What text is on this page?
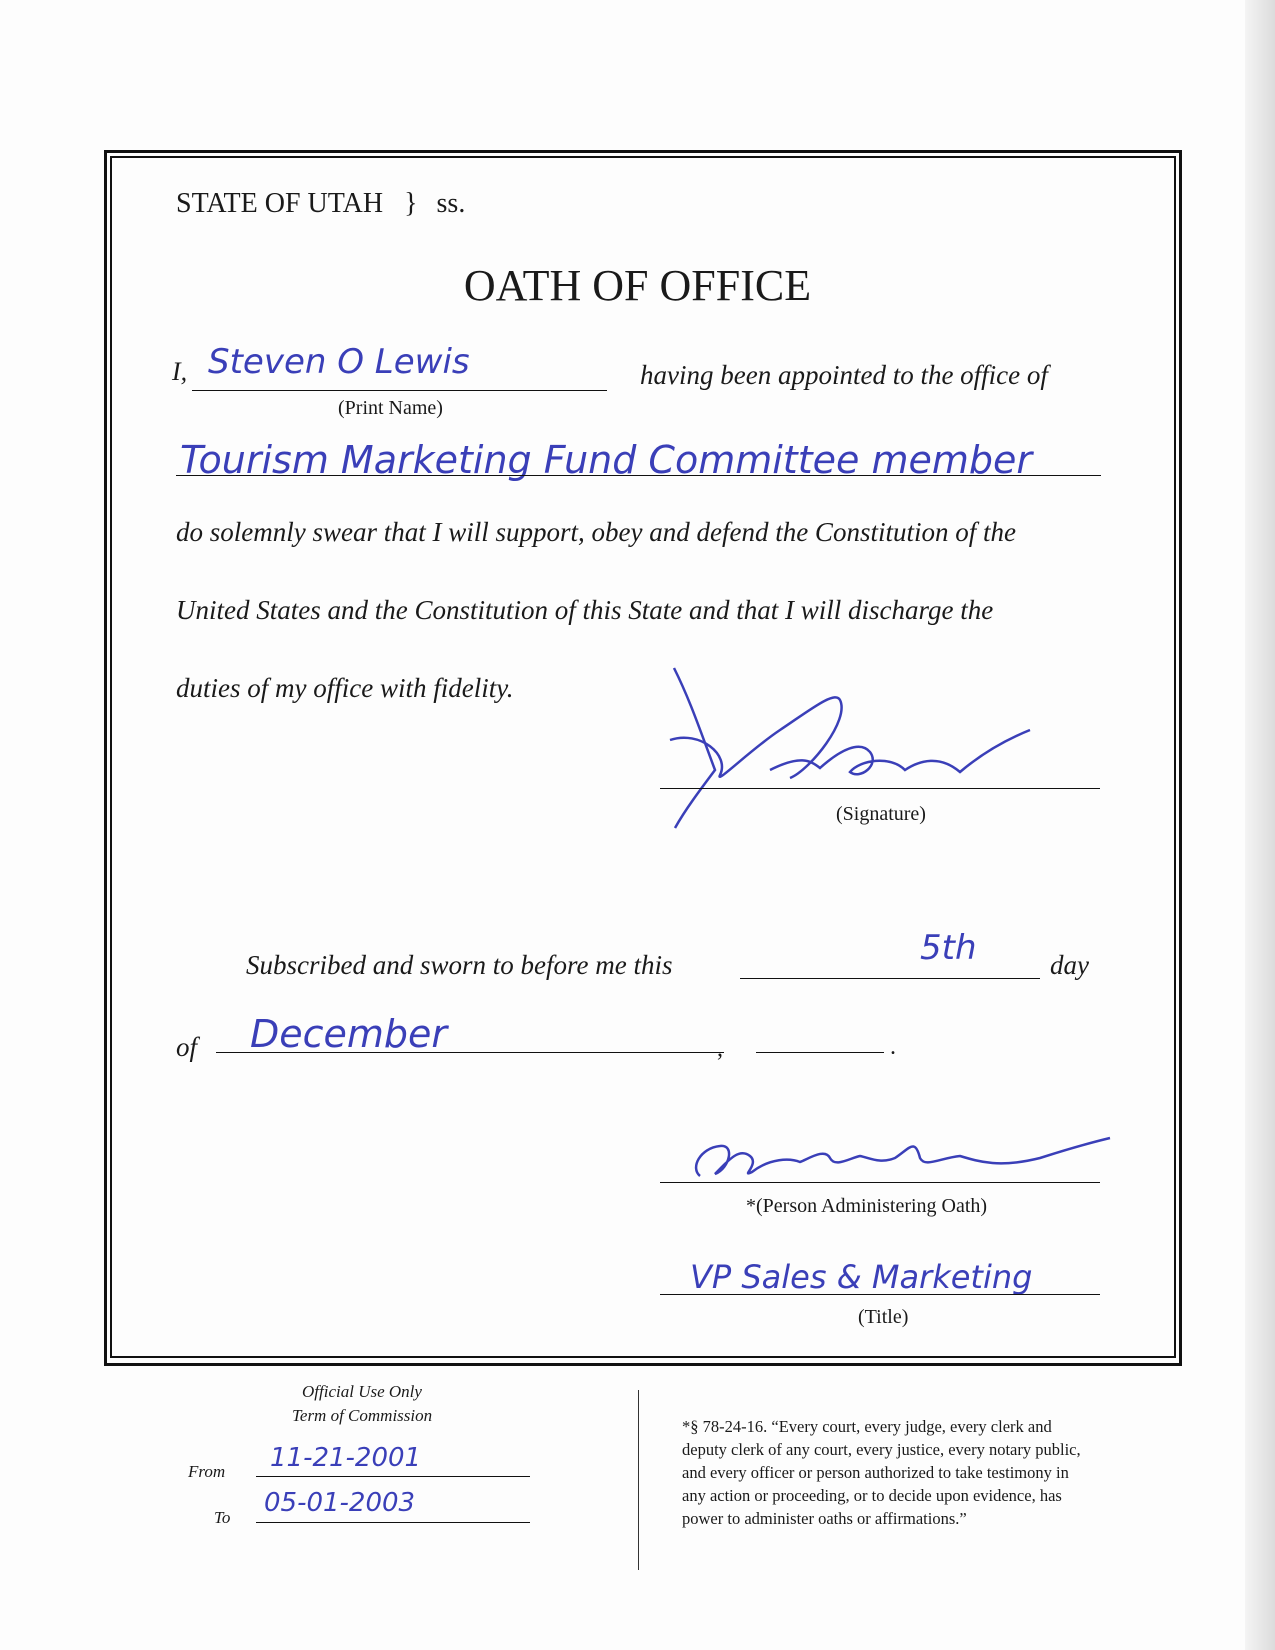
STATE OF UTAH } ss.
OATH OF OFFICE
I, Steven O Lewis
(Print Name)
having been appointed to the office of
Tourism Marketing Fund Committee member
do solemnly swear that I will support, obey and defend the Constitution of the
United States and the Constitution of this State and that I will discharge the
duties of my office with fidelity.
(Signature)
Subscribed and sworn to before me this	5th	day
of December	,	.
*(Person Administering Oath)
VP Sales & Marketing
(Title)
Official Use Only
Term of Commission
From 11-21-2001
To 05-01-2003
*§ 78-24-16. “Every court, every judge, every clerk and
deputy clerk of any court, every justice, every notary public,
and every officer or person authorized to take testimony in
any action or proceeding, or to decide upon evidence, has
power to administer oaths or affirmations.”
